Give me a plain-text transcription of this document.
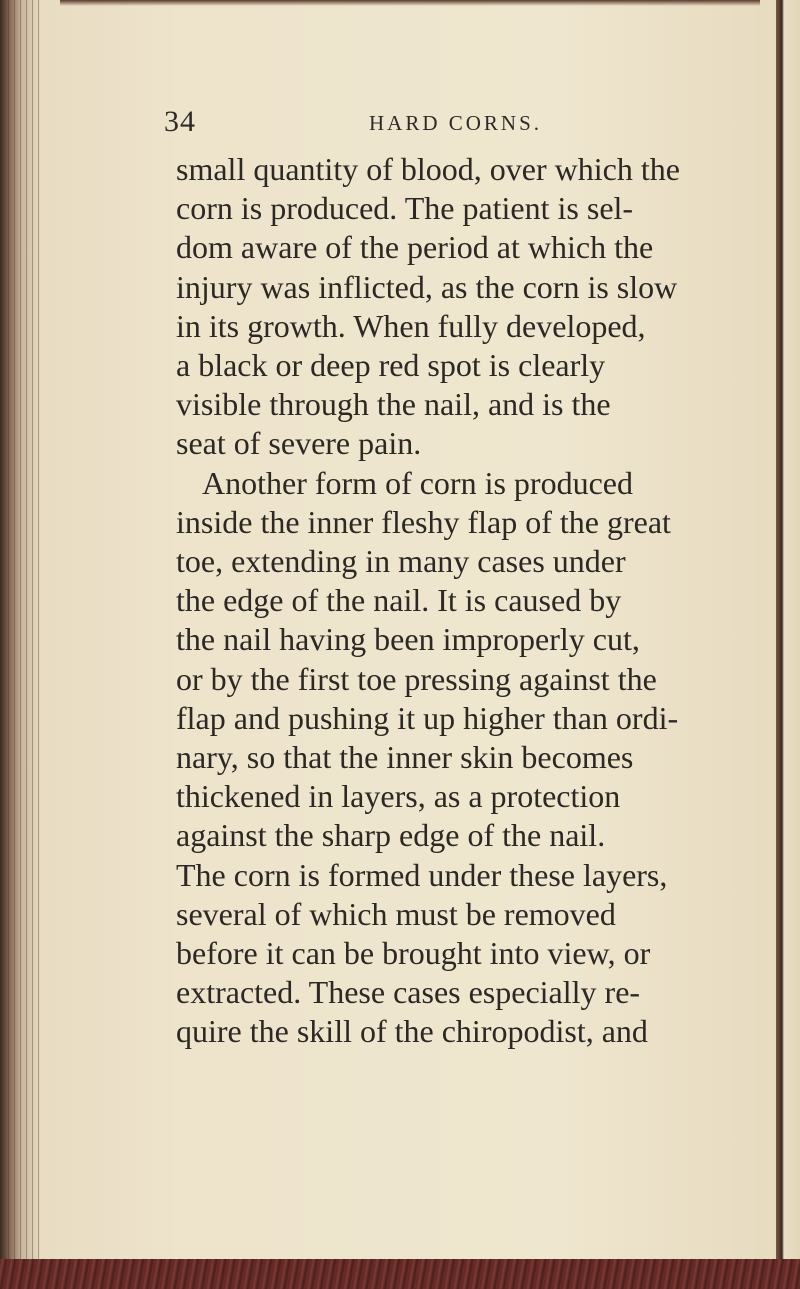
34	HARD CORNS.
small quantity of blood, over which the
corn is produced. The patient is sel-
dom aware of the period at which the
injury was inflicted, as the corn is slow
in its growth. When fully developed,
a black or deep red spot is clearly
visible through the nail, and is the
seat of severe pain.
Another form of corn is produced
inside the inner fleshy flap of the great
toe, extending in many cases under
the edge of the nail. It is caused by
the nail having been improperly cut,
or by the first toe pressing against the
flap and pushing it up higher than ordi-
nary, so that the inner skin becomes
thickened in layers, as a protection
against the sharp edge of the nail.
The corn is formed under these layers,
several of which must be removed
before it can be brought into view, or
extracted. These cases especially re-
quire the skill of the chiropodist, and
